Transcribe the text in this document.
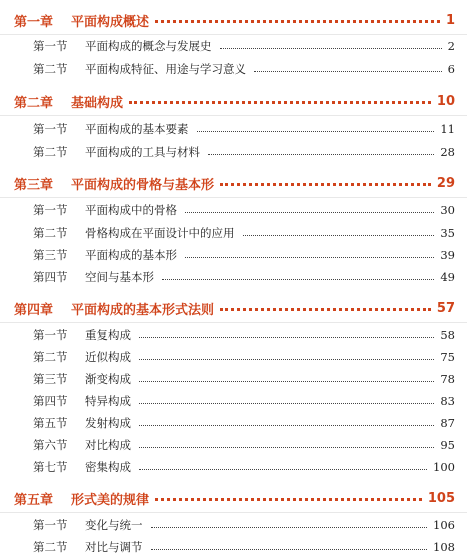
第一章 平面构成概述	1
第一节	平面构成的概念与发展史	2
第二节	平面构成特征、用途与学习意义	6
第二章 基础构成	10
第一节	平面构成的基本要素	11
第二节	平面构成的工具与材料	28
第三章 平面构成的骨格与基本形	29
第一节	平面构成中的骨格	30
第二节	骨格构成在平面设计中的应用	35
第三节	平面构成的基本形	39
第四节	空间与基本形	49
第四章 平面构成的基本形式法则	57
第一节	重复构成	58
第二节	近似构成	75
第三节	渐变构成	78
第四节	特异构成	83
第五节	发射构成	87
第六节	对比构成	95
第七节	密集构成	100
第五章 形式美的规律	105
第一节	变化与统一	106
第二节	对比与调节	108
